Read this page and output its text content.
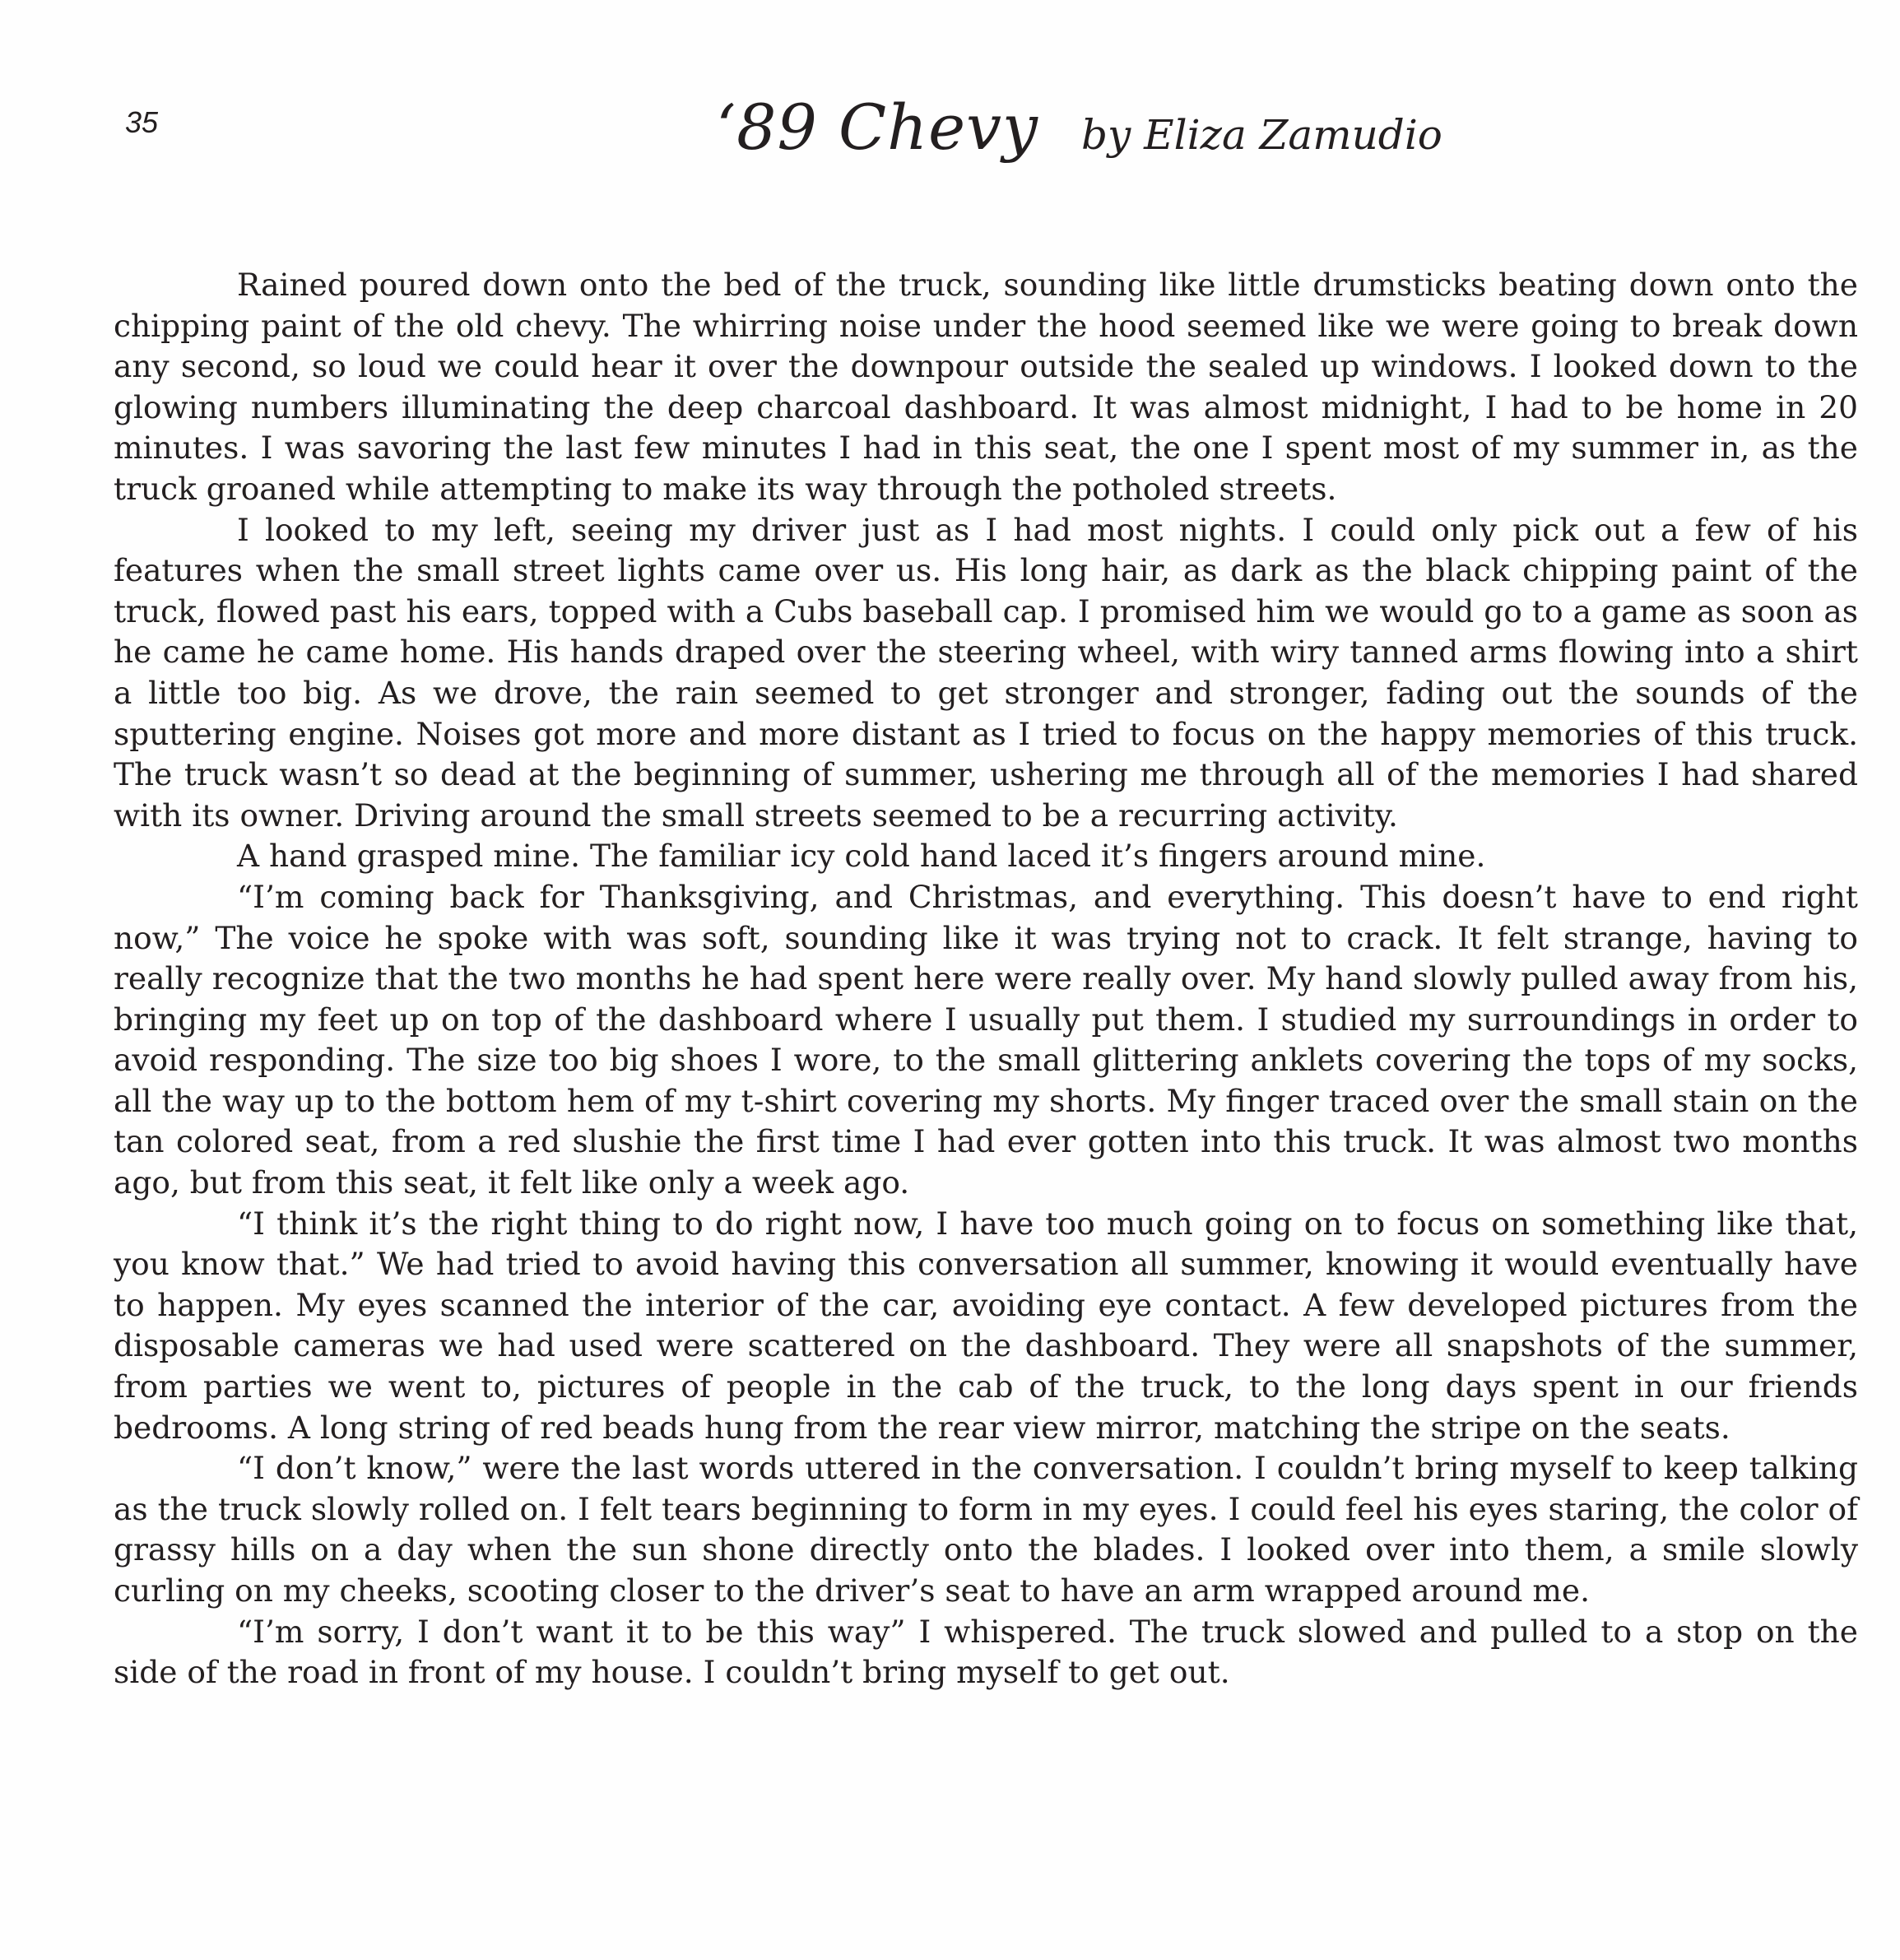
35	‘89 Chevy by Eliza Zamudio

Rained poured down onto the bed of the truck, sounding like little drumsticks beating down onto the chipping paint of the old chevy. The whirring noise under the hood seemed like we were going to break down any second, so loud we could hear it over the downpour outside the sealed up windows. I looked down to the glowing numbers illuminating the deep charcoal dashboard. It was almost midnight, I had to be home in 20 minutes. I was savoring the last few minutes I had in this seat, the one I spent most of my summer in, as the truck groaned while attempting to make its way through the potholed streets.

I looked to my left, seeing my driver just as I had most nights. I could only pick out a few of his features when the small street lights came over us. His long hair, as dark as the black chipping paint of the truck, flowed past his ears, topped with a Cubs baseball cap. I promised him we would go to a game as soon as he came he came home. His hands draped over the steering wheel, with wiry tanned arms flowing into a shirt a little too big. As we drove, the rain seemed to get stronger and stronger, fading out the sounds of the sputtering engine. Noises got more and more distant as I tried to focus on the happy memories of this truck. The truck wasn’t so dead at the beginning of summer, ushering me through all of the memories I had shared with its owner. Driving around the small streets seemed to be a recurring activity.

A hand grasped mine. The familiar icy cold hand laced it’s fingers around mine.

“I’m coming back for Thanksgiving, and Christmas, and everything. This doesn’t have to end right now,” The voice he spoke with was soft, sounding like it was trying not to crack. It felt strange, having to really recognize that the two months he had spent here were really over. My hand slowly pulled away from his, bringing my feet up on top of the dashboard where I usually put them. I studied my surroundings in order to avoid responding. The size too big shoes I wore, to the small glittering anklets covering the tops of my socks, all the way up to the bottom hem of my t-shirt covering my shorts. My finger traced over the small stain on the tan colored seat, from a red slushie the first time I had ever gotten into this truck. It was almost two months ago, but from this seat, it felt like only a week ago.

“I think it’s the right thing to do right now, I have too much going on to focus on something like that, you know that.” We had tried to avoid having this conversation all summer, knowing it would eventually have to happen. My eyes scanned the interior of the car, avoiding eye contact. A few developed pictures from the disposable cameras we had used were scattered on the dashboard. They were all snapshots of the summer, from parties we went to, pictures of people in the cab of the truck, to the long days spent in our friends bedrooms. A long string of red beads hung from the rear view mirror, matching the stripe on the seats.

“I don’t know,” were the last words uttered in the conversation. I couldn’t bring myself to keep talking as the truck slowly rolled on. I felt tears beginning to form in my eyes. I could feel his eyes staring, the color of grassy hills on a day when the sun shone directly onto the blades. I looked over into them, a smile slowly curling on my cheeks, scooting closer to the driver’s seat to have an arm wrapped around me.

“I’m sorry, I don’t want it to be this way” I whispered. The truck slowed and pulled to a stop on the side of the road in front of my house. I couldn’t bring myself to get out.
